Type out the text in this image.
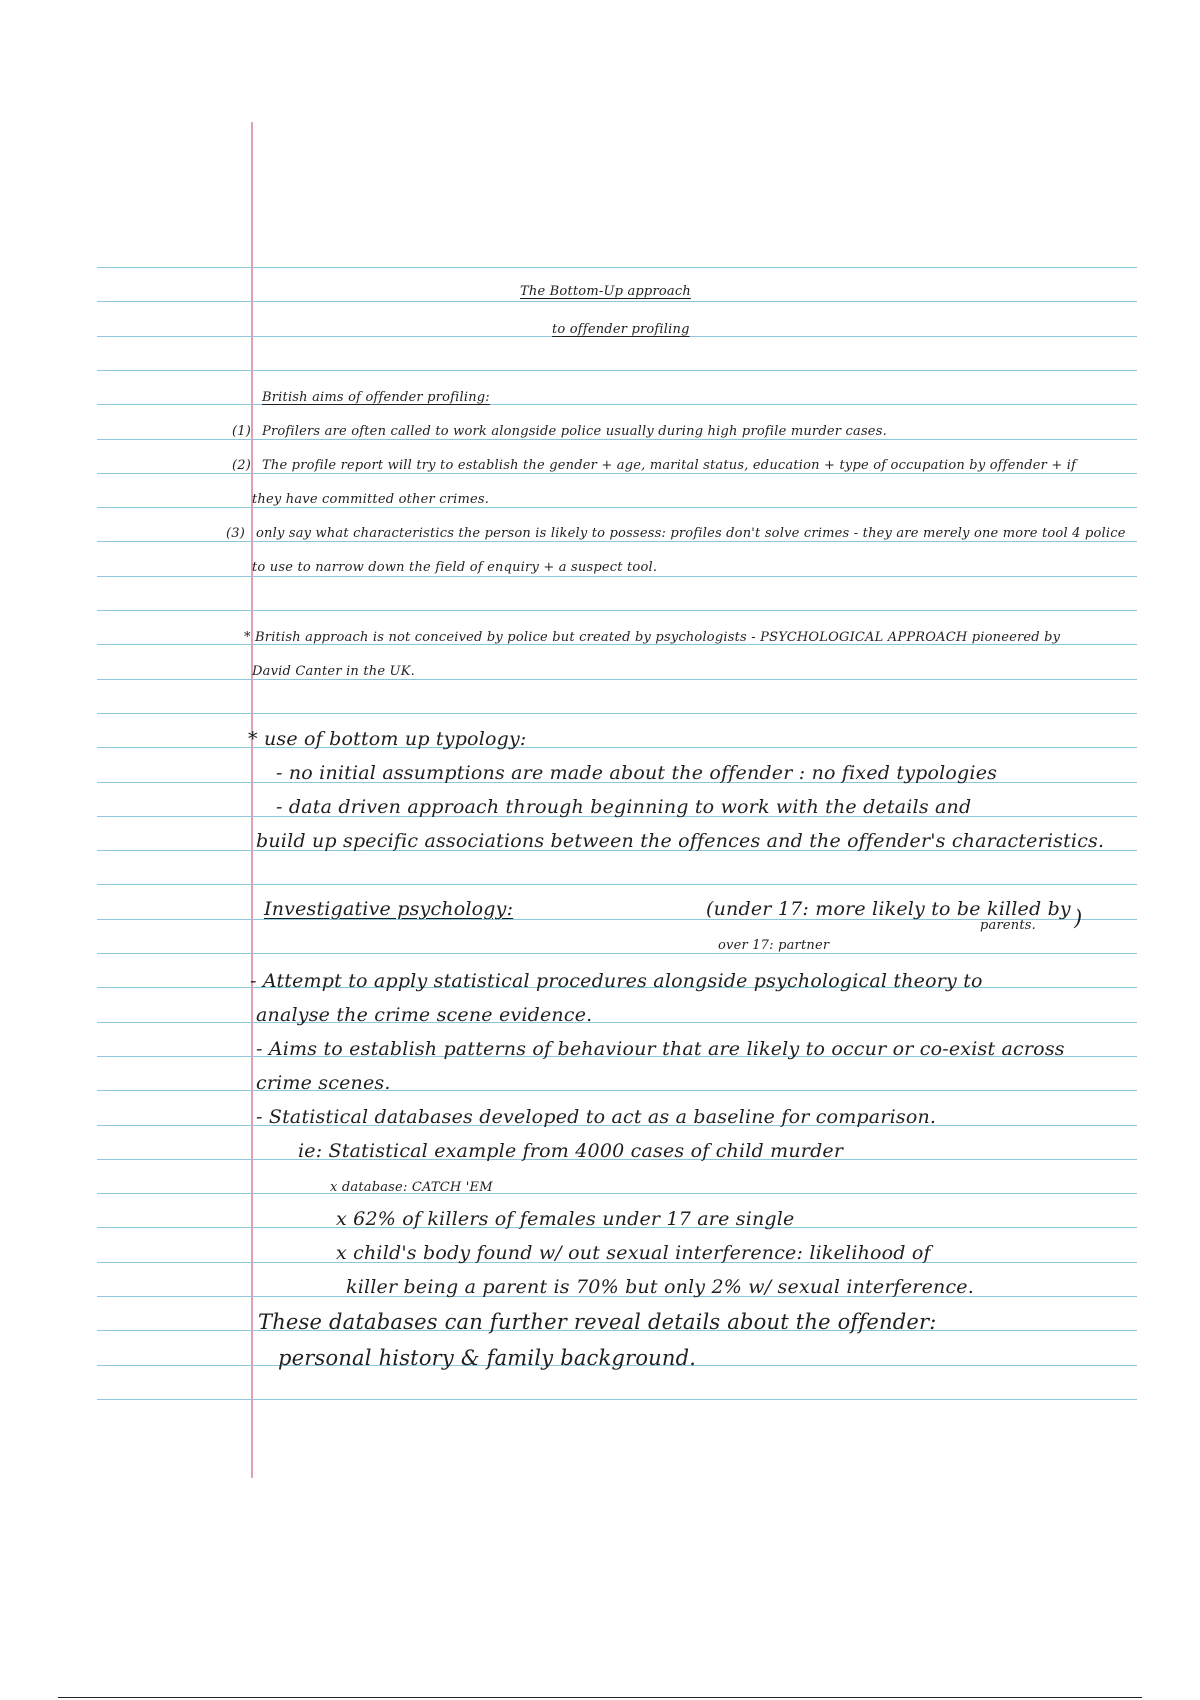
The Bottom-Up approach
to offender profiling
British aims of offender profiling:
(1) Profilers are often called to work alongside police usually during high profile murder cases.
(2) The profile report will try to establish the gender + age, marital status, education + type of occupation by offender + if
they have committed other crimes.
(3) only say what characteristics the person is likely to possess: profiles don't solve crimes - they are merely one more tool 4 police
to use to narrow down the field of enquiry + a suspect tool.
* British approach is not conceived by police but created by psychologists - PSYCHOLOGICAL APPROACH pioneered by
David Canter in the UK.
* use of bottom up typology:
- no initial assumptions are made about the offender : no fixed typologies
- data driven approach through beginning to work with the details and
build up specific associations between the offences and the offender's characteristics.
Investigative psychology:	(under 17: more likely to be killed by
parents.
over 17: partner
)
- Attempt to apply statistical procedures alongside psychological theory to
analyse the crime scene evidence.
- Aims to establish patterns of behaviour that are likely to occur or co-exist across
crime scenes.
- Statistical databases developed to act as a baseline for comparison.
ie: Statistical example from 4000 cases of child murder
x database: CATCH 'EM
x 62% of killers of females under 17 are single
x child's body found w/ out sexual interference: likelihood of
killer being a parent is 70% but only 2% w/ sexual interference.
These databases can further reveal details about the offender:
personal history & family background.
